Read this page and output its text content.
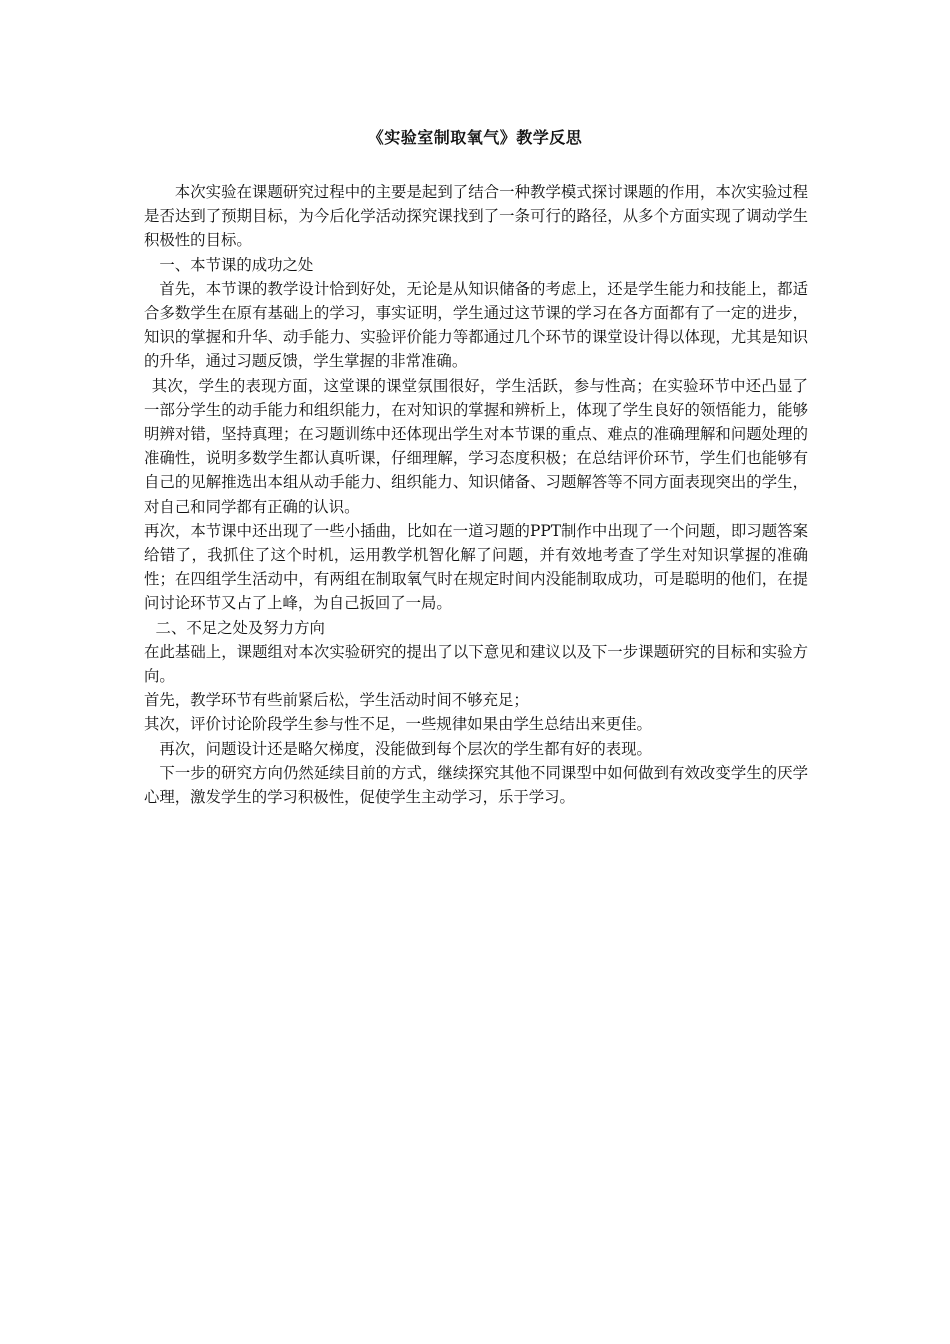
《实验室制取氧气》教学反思

本次实验在课题研究过程中的主要是起到了结合一种教学模式探讨课题的作用，本次实验过程是否达到了预期目标，为今后化学活动探究课找到了一条可行的路径，从多个方面实现了调动学生积极性的目标。

一、本节课的成功之处

首先，本节课的教学设计恰到好处，无论是从知识储备的考虑上，还是学生能力和技能上，都适合多数学生在原有基础上的学习，事实证明，学生通过这节课的学习在各方面都有了一定的进步，知识的掌握和升华、动手能力、实验评价能力等都通过几个环节的课堂设计得以体现，尤其是知识的升华，通过习题反馈，学生掌握的非常准确。

其次，学生的表现方面，这堂课的课堂氛围很好，学生活跃，参与性高；在实验环节中还凸显了一部分学生的动手能力和组织能力，在对知识的掌握和辨析上，体现了学生良好的领悟能力，能够明辨对错，坚持真理；在习题训练中还体现出学生对本节课的重点、难点的准确理解和问题处理的准确性，说明多数学生都认真听课，仔细理解，学习态度积极；在总结评价环节，学生们也能够有自己的见解推选出本组从动手能力、组织能力、知识储备、习题解答等不同方面表现突出的学生，对自己和同学都有正确的认识。

再次，本节课中还出现了一些小插曲，比如在一道习题的PPT制作中出现了一个问题，即习题答案给错了，我抓住了这个时机，运用教学机智化解了问题，并有效地考查了学生对知识掌握的准确性；在四组学生活动中，有两组在制取氧气时在规定时间内没能制取成功，可是聪明的他们，在提问讨论环节又占了上峰，为自己扳回了一局。

二、不足之处及努力方向

在此基础上，课题组对本次实验研究的提出了以下意见和建议以及下一步课题研究的目标和实验方向。

首先，教学环节有些前紧后松，学生活动时间不够充足；

其次，评价讨论阶段学生参与性不足，一些规律如果由学生总结出来更佳。

再次，问题设计还是略欠梯度，没能做到每个层次的学生都有好的表现。

下一步的研究方向仍然延续目前的方式，继续探究其他不同课型中如何做到有效改变学生的厌学心理，激发学生的学习积极性，促使学生主动学习，乐于学习。
